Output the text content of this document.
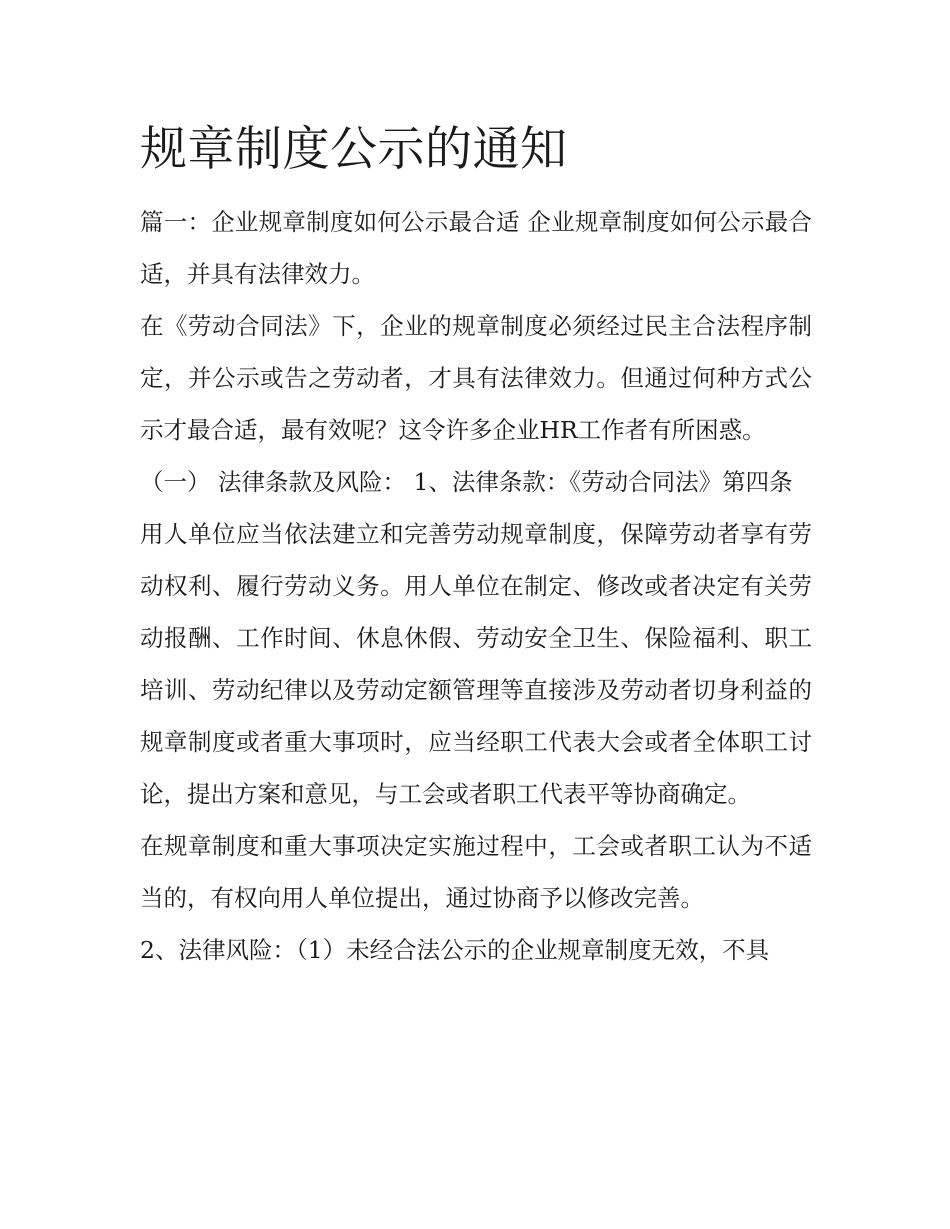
规章制度公示的通知

篇一：企业规章制度如何公示最合适 企业规章制度如何公示最合适，并具有法律效力。

在《劳动合同法》下，企业的规章制度必须经过民主合法程序制定，并公示或告之劳动者，才具有法律效力。但通过何种方式公示才最合适，最有效呢？这令许多企业HR工作者有所困惑。

（一） 法律条款及风险： 1、法律条款：《劳动合同法》第四条

用人单位应当依法建立和完善劳动规章制度，保障劳动者享有劳动权利、履行劳动义务。用人单位在制定、修改或者决定有关劳动报酬、工作时间、休息休假、劳动安全卫生、保险福利、职工培训、劳动纪律以及劳动定额管理等直接涉及劳动者切身利益的规章制度或者重大事项时，应当经职工代表大会或者全体职工讨论，提出方案和意见，与工会或者职工代表平等协商确定。

在规章制度和重大事项决定实施过程中，工会或者职工认为不适当的，有权向用人单位提出，通过协商予以修改完善。

2、法律风险：（1）未经合法公示的企业规章制度无效，不具
